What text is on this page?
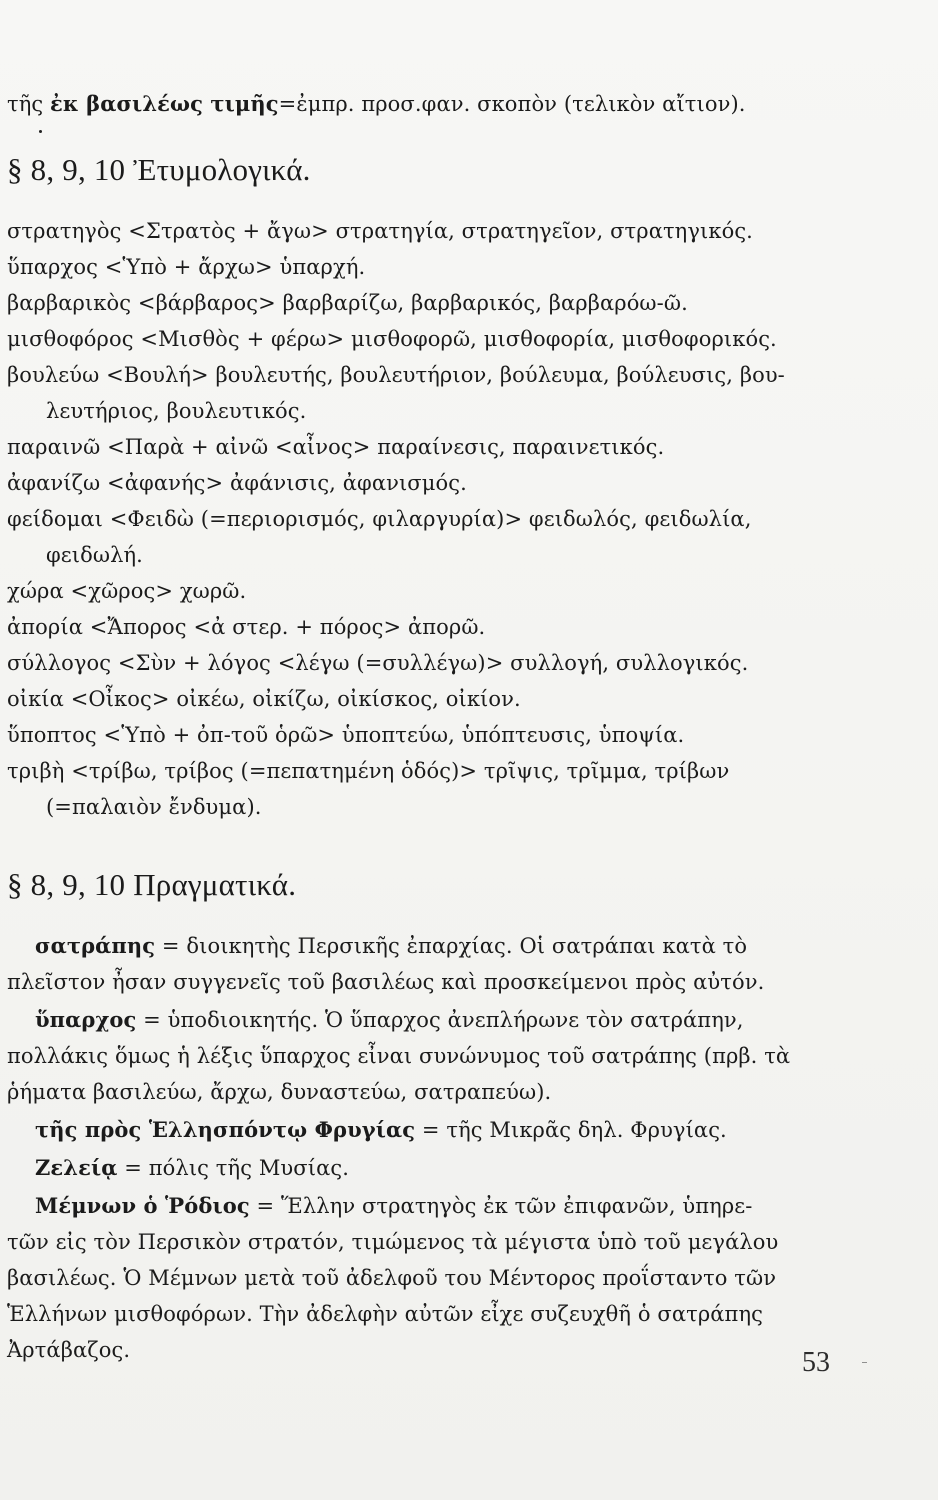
τῆς ἐκ βασιλέως τιμῆς=ἐμπρ. προσ.φαν. σκοπὸν (τελικὸν αἴτιον).
§ 8, 9, 10 Ἐτυμολογικά.
στρατηγὸς <Στρατὸς + ἄγω> στρατηγία, στρατηγεῖον, στρατηγικός.
ὕπαρχος <Ὑπὸ + ἄρχω> ὑπαρχή.
βαρβαρικὸς <βάρβαρος> βαρβαρίζω, βαρβαρικός, βαρβαρόω-ῶ.
μισθοφόρος <Μισθὸς + φέρω> μισθοφορῶ, μισθοφορία, μισθοφορικός.
βουλεύω <Βουλή> βουλευτής, βουλευτήριον, βούλευμα, βούλευσις, βου-
λευτήριος, βουλευτικός.
παραινῶ <Παρὰ + αἰνῶ <αἶνος> παραίνεσις, παραινετικός.
ἀφανίζω <ἀφανής> ἀφάνισις, ἀφανισμός.
φείδομαι <Φειδὼ (=περιορισμός, φιλαργυρία)> φειδωλός, φειδωλία,
φειδωλή.
χώρα <χῶρος> χωρῶ.
ἀπορία <Ἄπορος <ἀ στερ. + πόρος> ἀπορῶ.
σύλλογος <Σὺν + λόγος <λέγω (=συλλέγω)> συλλογή, συλλογικός.
οἰκία <Οἶκος> οἰκέω, οἰκίζω, οἰκίσκος, οἰκίον.
ὕποπτος <Ὑπὸ + ὀπ-τοῦ ὁρῶ> ὑποπτεύω, ὑπόπτευσις, ὑποψία.
τριβὴ <τρίβω, τρίβος (=πεπατημένη ὁδός)> τρῖψις, τρῖμμα, τρίβων
(=παλαιὸν ἔνδυμα).
§ 8, 9, 10 Πραγματικά.
σατράπης = διοικητὴς Περσικῆς ἐπαρχίας. Οἱ σατράπαι κατὰ τὸ
πλεῖστον ἦσαν συγγενεῖς τοῦ βασιλέως καὶ προσκείμενοι πρὸς αὐτόν.
ὕπαρχος = ὑποδιοικητής. Ὁ ὕπαρχος ἀνεπλήρωνε τὸν σατράπην,
πολλάκις ὅμως ἡ λέξις ὕπαρχος εἶναι συνώνυμος τοῦ σατράπης (πρβ. τὰ
ῥήματα βασιλεύω, ἄρχω, δυναστεύω, σατραπεύω).
τῆς πρὸς Ἑλλησπόντῳ Φρυγίας = τῆς Μικρᾶς δηλ. Φρυγίας.
Ζελείᾳ = πόλις τῆς Μυσίας.
Μέμνων ὁ Ῥόδιος = Ἕλλην στρατηγὸς ἐκ τῶν ἐπιφανῶν, ὑπηρε-
τῶν εἰς τὸν Περσικὸν στρατόν, τιμώμενος τὰ μέγιστα ὑπὸ τοῦ μεγάλου
βασιλέως. Ὁ Μέμνων μετὰ τοῦ ἀδελφοῦ του Μέντορος προΐσταντο τῶν
Ἑλλήνων μισθοφόρων. Τὴν ἀδελφὴν αὐτῶν εἶχε συζευχθῆ ὁ σατράπης
Ἀρτάβαζος.	53
